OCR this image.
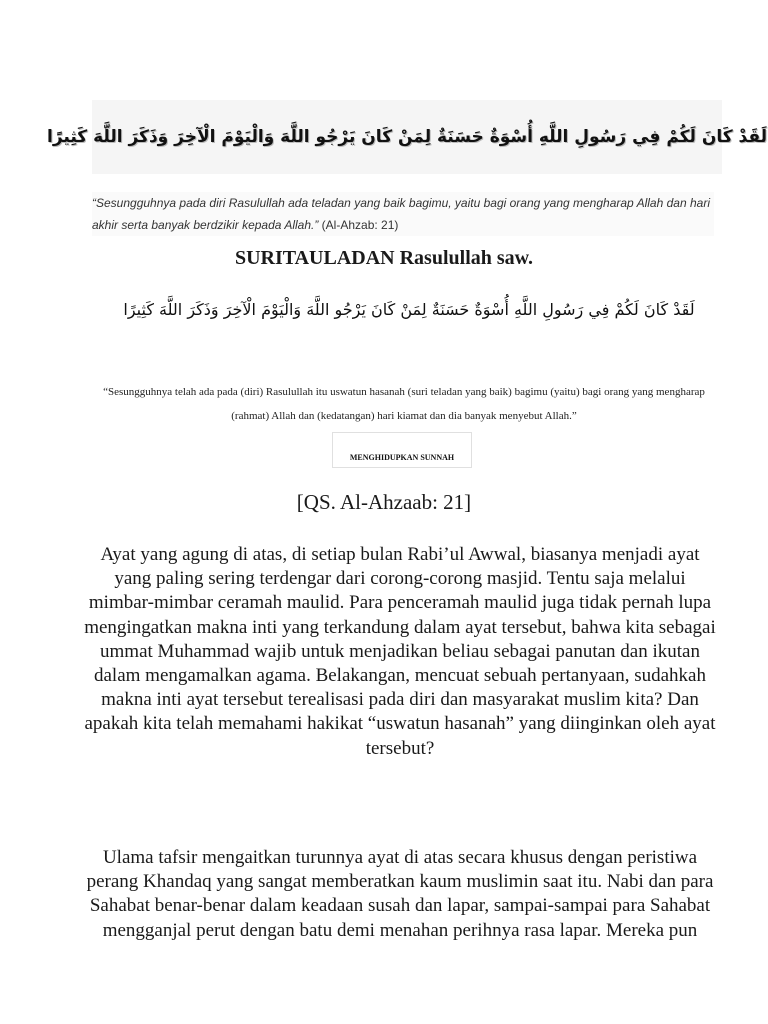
لَقَدْ كَانَ لَكُمْ فِي رَسُولِ اللَّهِ أُسْوَةٌ حَسَنَةٌ لِمَنْ كَانَ يَرْجُو اللَّهَ وَالْيَوْمَ الْآخِرَ وَذَكَرَ اللَّهَ كَثِيرًا
“Sesungguhnya pada diri Rasulullah ada teladan yang baik bagimu, yaitu bagi orang yang mengharap Allah dan hari akhir serta banyak berdzikir kepada Allah.” (Al-Ahzab: 21)
SURITAULADAN Rasulullah saw.
لَقَدْ كَانَ لَكُمْ فِي رَسُولِ اللَّهِ أُسْوَةٌ حَسَنَةٌ لِمَنْ كَانَ يَرْجُو اللَّهَ وَالْيَوْمَ الْآخِرَ وَذَكَرَ اللَّهَ كَثِيرًا
“Sesungguhnya telah ada pada (diri) Rasulullah itu uswatun hasanah (suri teladan yang baik) bagimu (yaitu) bagi orang yang mengharap (rahmat) Allah dan (kedatangan) hari kiamat dan dia banyak menyebut Allah.”
MENGHIDUPKAN SUNNAH
[QS. Al-Ahzaab: 21]

Ayat yang agung di atas, di setiap bulan Rabi’ul Awwal, biasanya menjadi ayat yang paling sering terdengar dari corong-corong masjid. Tentu saja melalui mimbar-mimbar ceramah maulid. Para penceramah maulid juga tidak pernah lupa mengingatkan makna inti yang terkandung dalam ayat tersebut, bahwa kita sebagai ummat Muhammad wajib untuk menjadikan beliau sebagai panutan dan ikutan dalam mengamalkan agama. Belakangan, mencuat sebuah pertanyaan, sudahkah makna inti ayat tersebut terealisasi pada diri dan masyarakat muslim kita? Dan apakah kita telah memahami hakikat “uswatun hasanah” yang diinginkan oleh ayat tersebut?

Ulama tafsir mengaitkan turunnya ayat di atas secara khusus dengan peristiwa perang Khandaq yang sangat memberatkan kaum muslimin saat itu. Nabi dan para Sahabat benar-benar dalam keadaan susah dan lapar, sampai-sampai para Sahabat mengganjal perut dengan batu demi menahan perihnya rasa lapar. Mereka pun
